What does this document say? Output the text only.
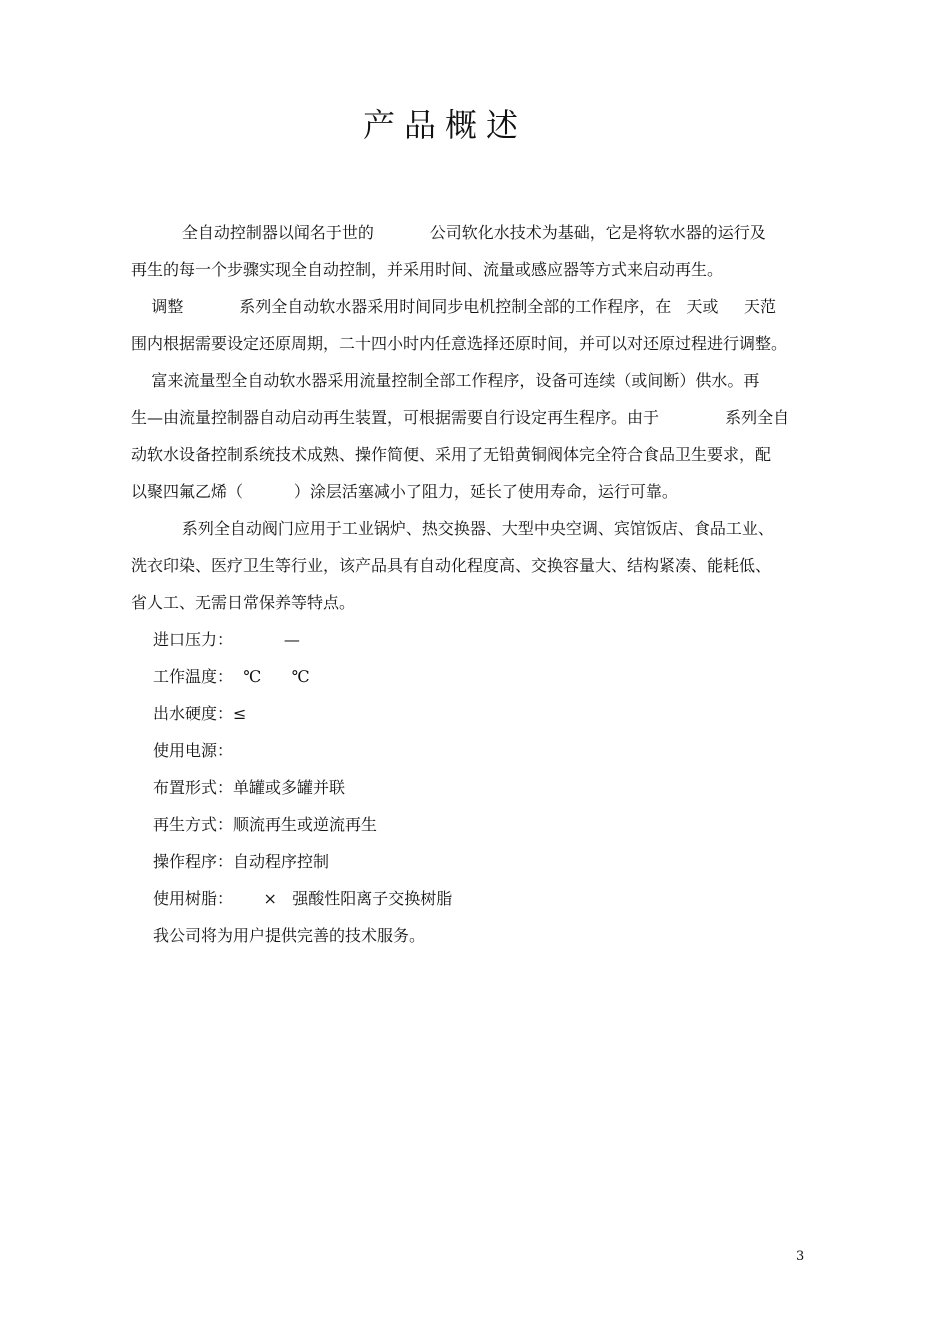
产品概述

全自动控制器以闻名于世的           公司软化水技术为基础，它是将软水器的运行及

再生的每一个步骤实现全自动控制，并采用时间、流量或感应器等方式来启动再生。

调整           系列全自动软水器采用时间同步电机控制全部的工作程序，在   天或     天范

围内根据需要设定还原周期，二十四小时内任意选择还原时间，并可以对还原过程进行调整。

富来流量型全自动软水器采用流量控制全部工作程序，设备可连续（或间断）供水。再

生—由流量控制器自动启动再生装置，可根据需要自行设定再生程序。由于             系列全自

动软水设备控制系统技术成熟、操作简便、采用了无铅黄铜阀体完全符合食品卫生要求，配

以聚四氟乙烯（          ）涂层活塞减小了阻力，延长了使用寿命，运行可靠。

系列全自动阀门应用于工业锅炉、热交换器、大型中央空调、宾馆饭店、食品工业、

洗衣印染、医疗卫生等行业，该产品具有自动化程度高、交换容量大、结构紧凑、能耗低、

省人工、无需日常保养等特点。

进口压力：          —
工作温度：  ℃      ℃
出水硬度：≤
使用电源：
布置形式：单罐或多罐并联
再生方式：顺流再生或逆流再生
操作程序：自动程序控制
使用树脂：      ×   强酸性阳离子交换树脂

我公司将为用户提供完善的技术服务。

3
